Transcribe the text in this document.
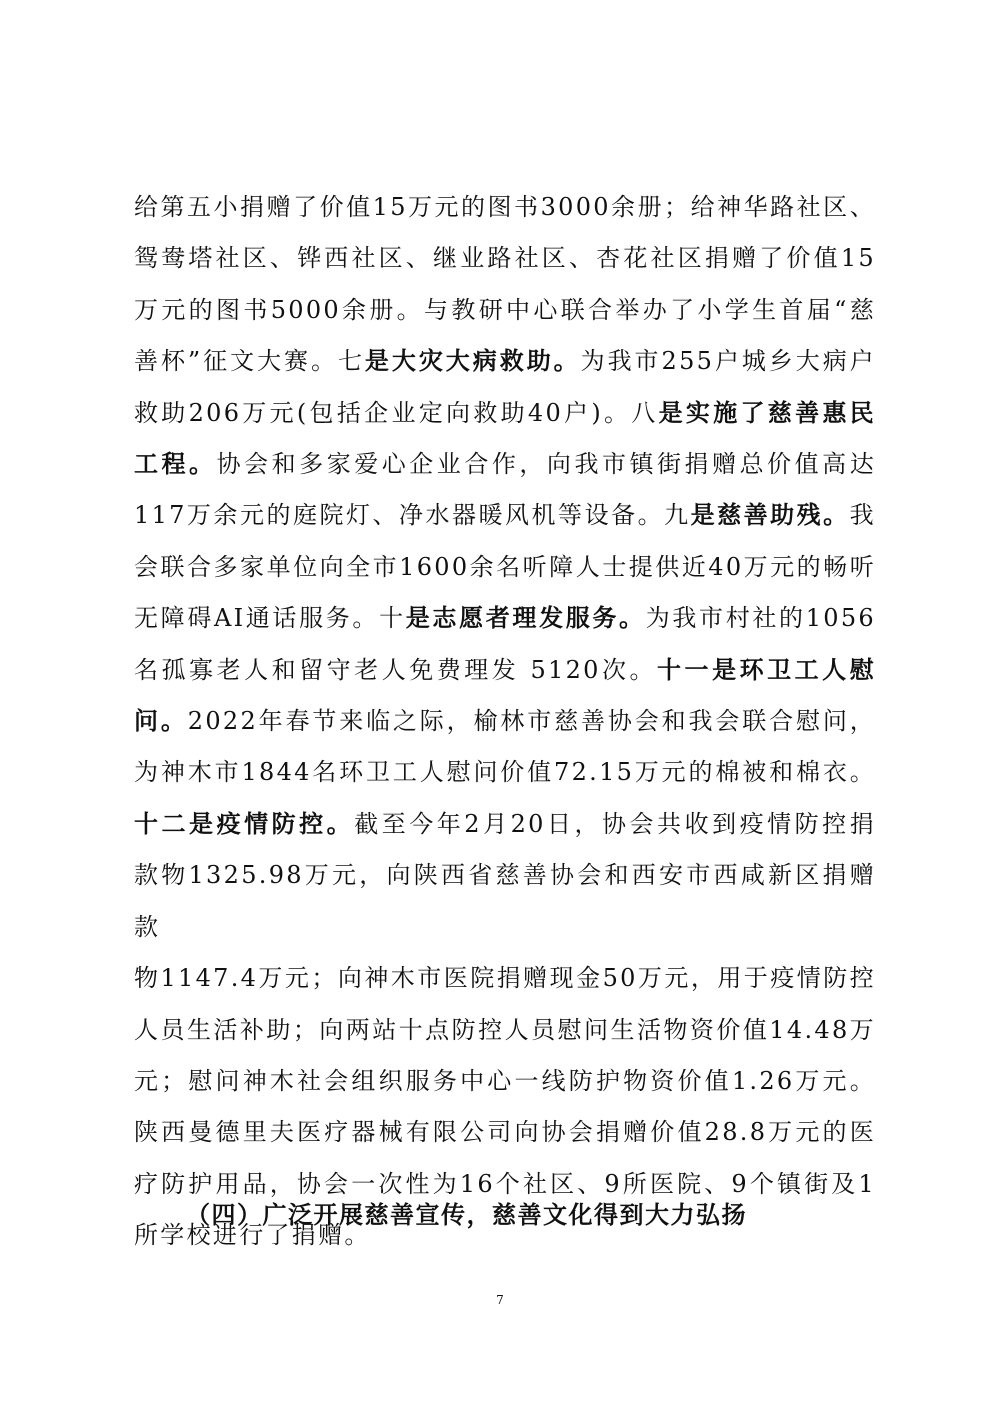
给第五小捐赠了价值15万元的图书3000余册；给神华路社区、

鸳鸯塔社区、铧西社区、继业路社区、杏花社区捐赠了价值15

万元的图书5000余册。与教研中心联合举办了小学生首届“慈

善杯”征文大赛。七是大灾大病救助。为我市255户城乡大病户

救助206万元(包括企业定向救助40户)。八是实施了慈善惠民

工程。协会和多家爱心企业合作，向我市镇街捐赠总价值高达

117万余元的庭院灯、净水器暖风机等设备。九是慈善助残。我

会联合多家单位向全市1600余名听障人士提供近40万元的畅听

无障碍AI通话服务。十是志愿者理发服务。为我市村社的1056

名孤寡老人和留守老人免费理发 5120次。十一是环卫工人慰

问。2022年春节来临之际，榆林市慈善协会和我会联合慰问，

为神木市1844名环卫工人慰问价值72.15万元的棉被和棉衣。

十二是疫情防控。截至今年2月20日，协会共收到疫情防控捐

款物1325.98万元，向陕西省慈善协会和西安市西咸新区捐赠款

物1147.4万元；向神木市医院捐赠现金50万元，用于疫情防控

人员生活补助；向两站十点防控人员慰问生活物资价值14.48万

元；慰问神木社会组织服务中心一线防护物资价值1.26万元。

陕西曼德里夫医疗器械有限公司向协会捐赠价值28.8万元的医

疗防护用品，协会一次性为16个社区、9所医院、9个镇街及1

所学校进行了捐赠。

（四）广泛开展慈善宣传，慈善文化得到大力弘扬
7
